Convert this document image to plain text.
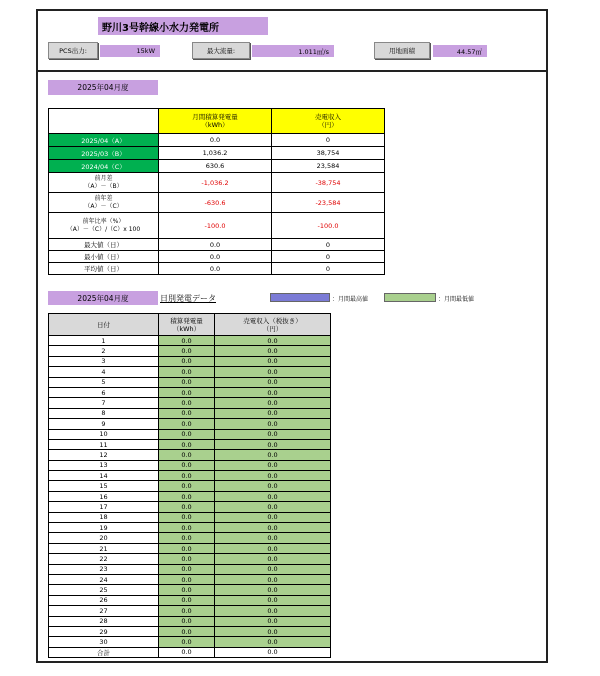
野川3号幹線小水力発電所
PCS出力:	15kW	最大流量:	1.011㎥/s	用地面積	44.57㎡
2025年04月度
	月間積算発電量
（kWh）	売電収入
（円）
2025/04（A）	0.0	0
2025/03（B）	1,036.2	38,754
2024/04（C）	630.6	23,584
前月差
（A）－（B）	-1,036.2	-38,754
前年差
（A）－（C）	-630.6	-23,584
前年比率（%）
（A）－（C）/（C）x 100	-100.0	-100.0
最大値（日）	0.0	0
最小値（日）	0.0	0
平均値（日）	0.0	0
2025年04月度	日別発電データ	：月間最高値	：月間最低値
日付	積算発電量
（kWh）	売電収入（税抜き）
（円）
1	0.0	0.0
2	0.0	0.0
3	0.0	0.0
4	0.0	0.0
5	0.0	0.0
6	0.0	0.0
7	0.0	0.0
8	0.0	0.0
9	0.0	0.0
10	0.0	0.0
11	0.0	0.0
12	0.0	0.0
13	0.0	0.0
14	0.0	0.0
15	0.0	0.0
16	0.0	0.0
17	0.0	0.0
18	0.0	0.0
19	0.0	0.0
20	0.0	0.0
21	0.0	0.0
22	0.0	0.0
23	0.0	0.0
24	0.0	0.0
25	0.0	0.0
26	0.0	0.0
27	0.0	0.0
28	0.0	0.0
29	0.0	0.0
30	0.0	0.0
合計	0.0	0.0
